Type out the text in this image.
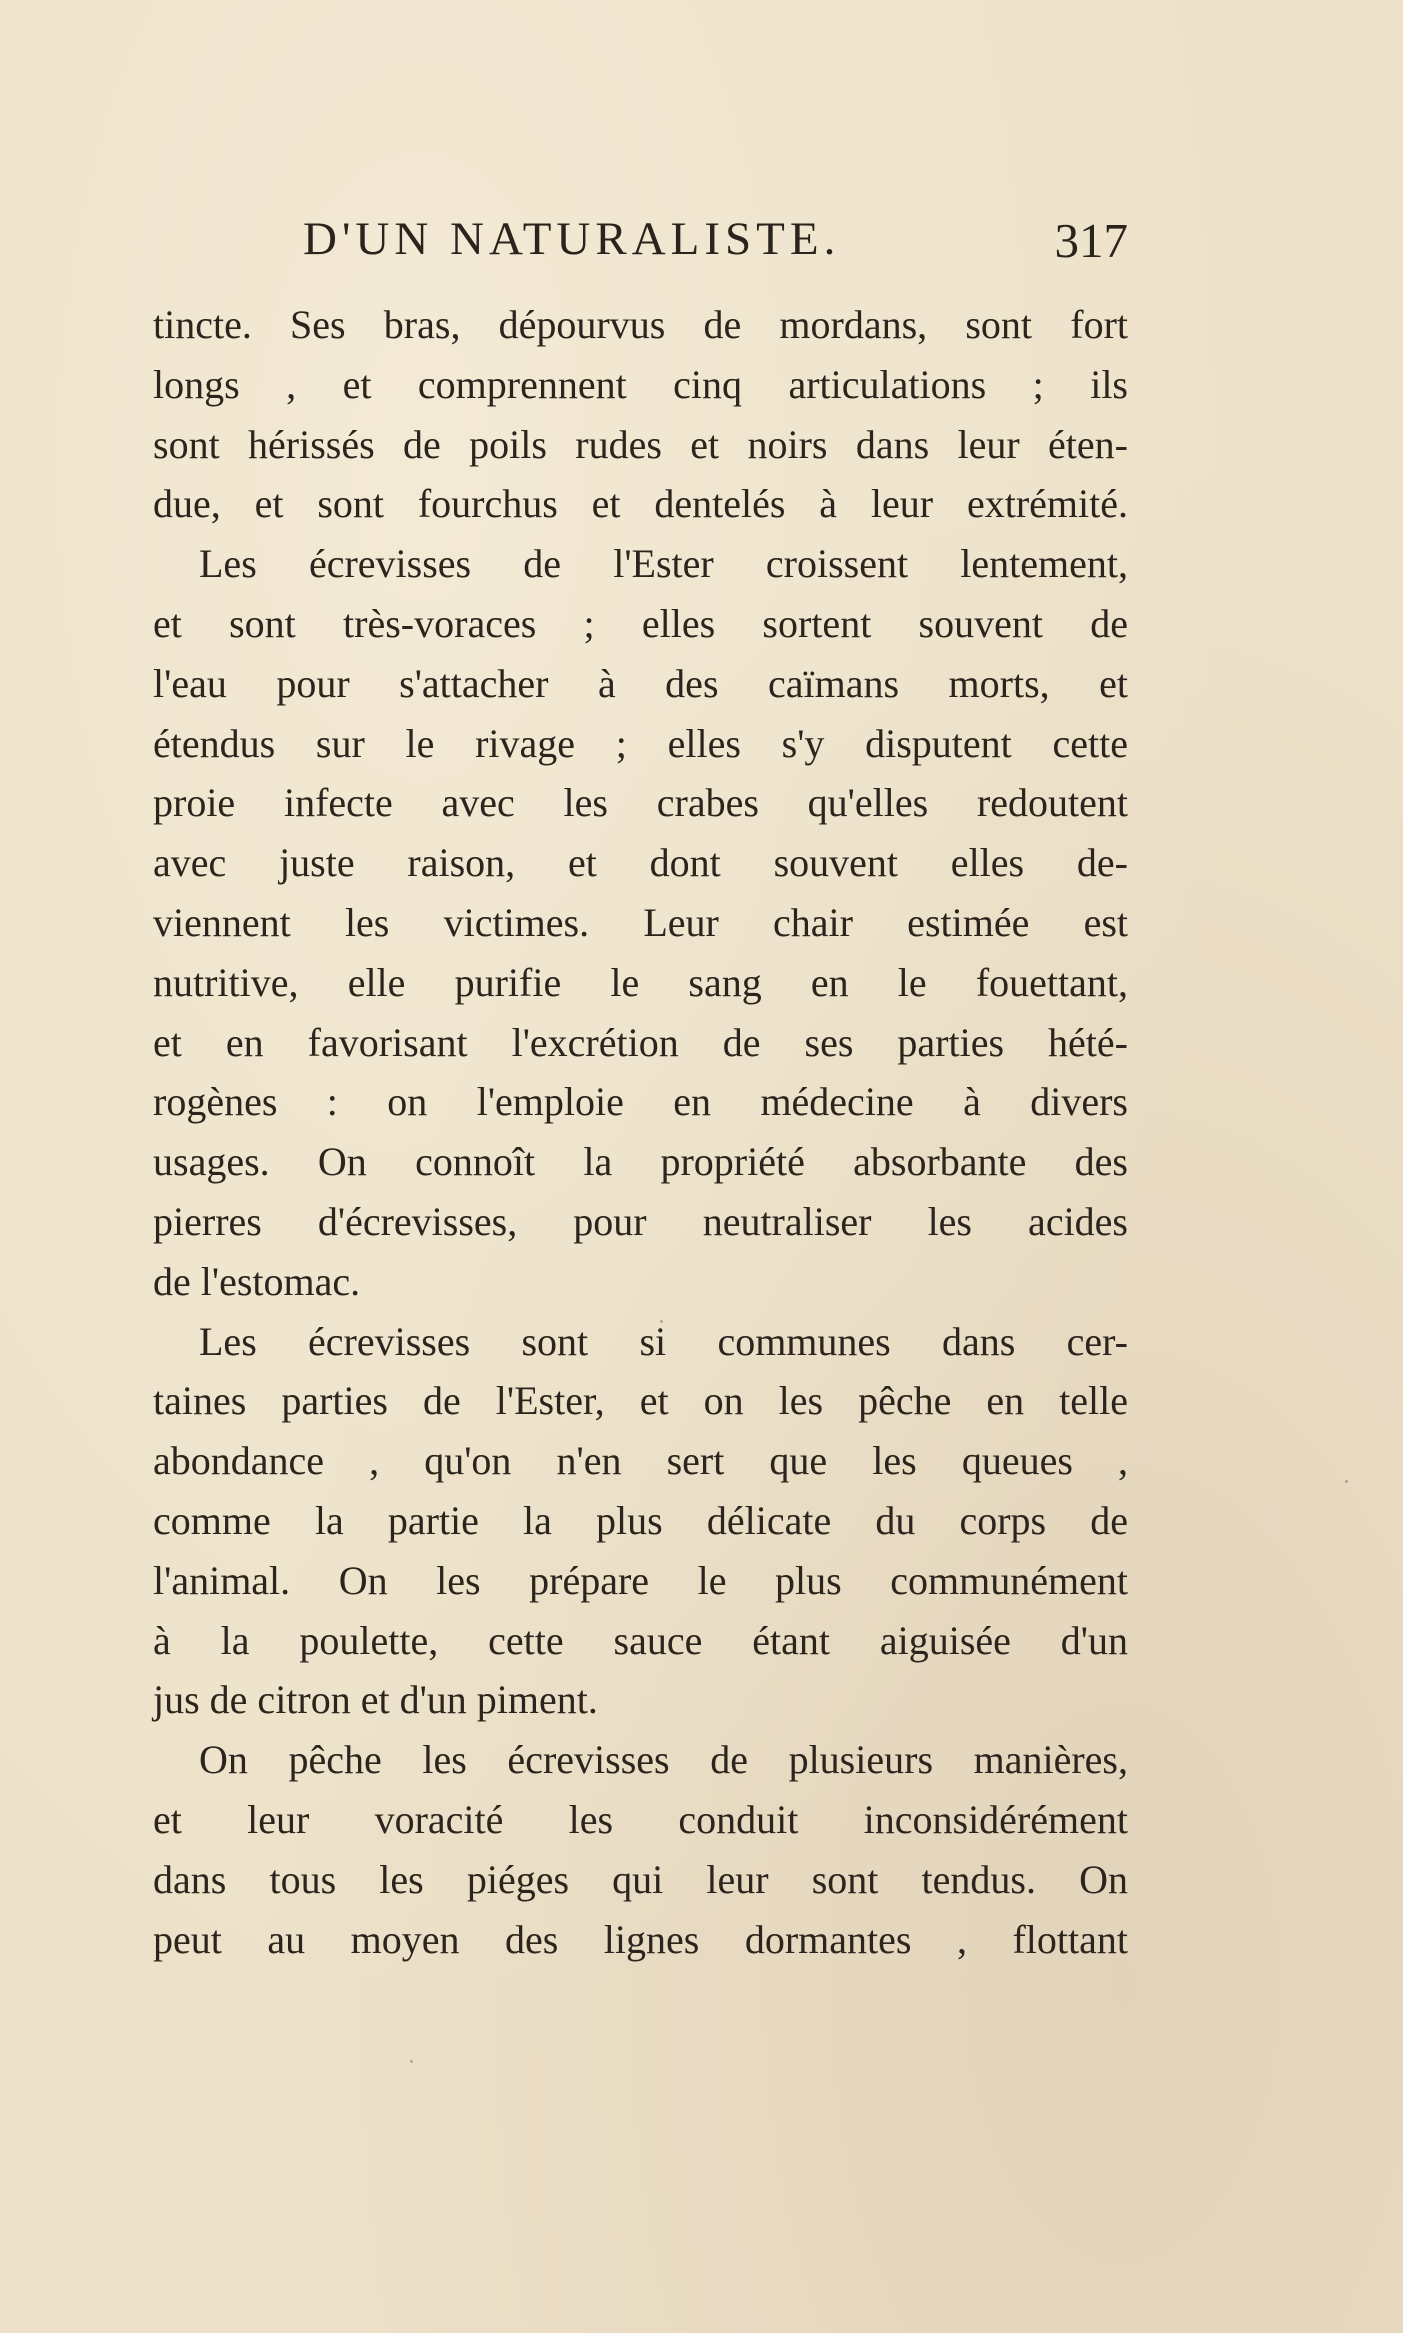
D'UN NATURALISTE.	317
tincte. Ses bras, dépourvus de mordans, sont fort
longs , et comprennent cinq articulations ; ils
sont hérissés de poils rudes et noirs dans leur éten-
due, et sont fourchus et dentelés à leur extrémité.
Les écrevisses de l'Ester croissent lentement,
et sont très-voraces ; elles sortent souvent de
l'eau pour s'attacher à des caïmans morts, et
étendus sur le rivage ; elles s'y disputent cette
proie infecte avec les crabes qu'elles redoutent
avec juste raison, et dont souvent elles de-
viennent les victimes. Leur chair estimée est
nutritive, elle purifie le sang en le fouettant,
et en favorisant l'excrétion de ses parties hété-
rogènes : on l'emploie en médecine à divers
usages. On connoît la propriété absorbante des
pierres d'écrevisses, pour neutraliser les acides
de l'estomac.
Les écrevisses sont si communes dans cer-
taines parties de l'Ester, et on les pêche en telle
abondance , qu'on n'en sert que les queues ,
comme la partie la plus délicate du corps de
l'animal. On les prépare le plus communément
à la poulette, cette sauce étant aiguisée d'un
jus de citron et d'un piment.
On pêche les écrevisses de plusieurs manières,
et leur voracité les conduit inconsidérément
dans tous les piéges qui leur sont tendus. On
peut au moyen des lignes dormantes , flottant
